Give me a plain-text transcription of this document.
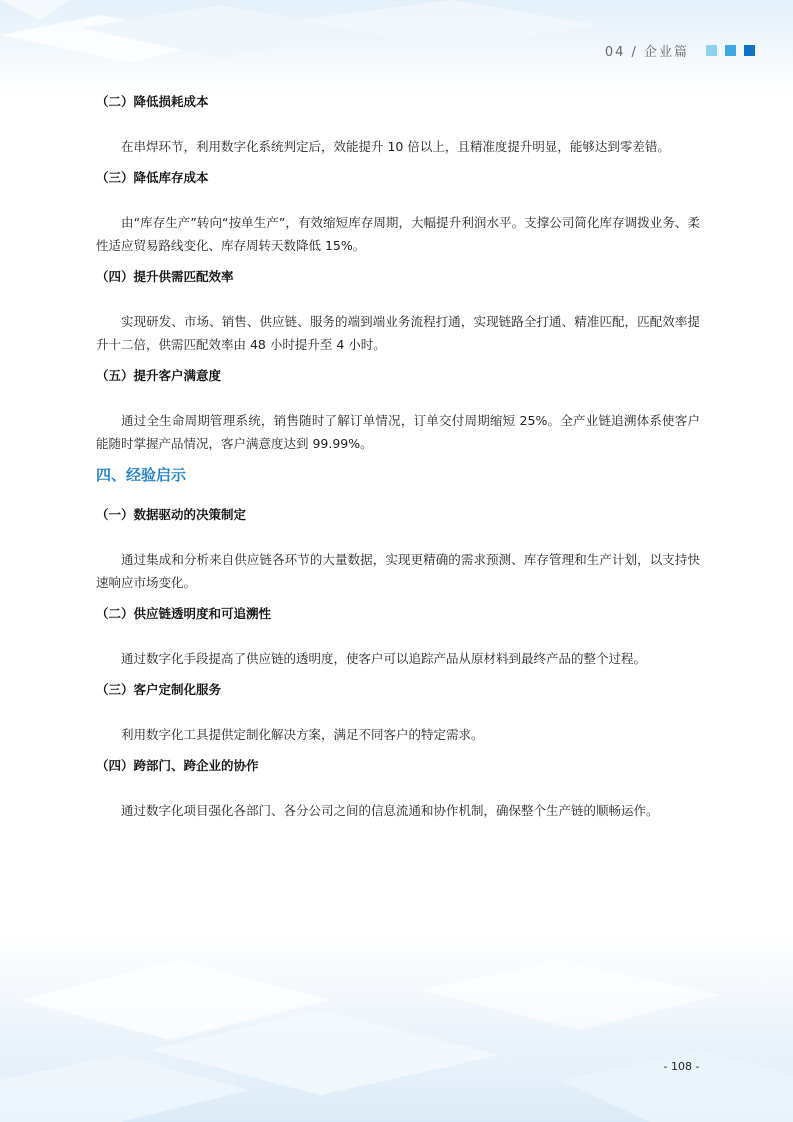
04 / 企业篇
（二）降低损耗成本

在串焊环节，利用数字化系统判定后，效能提升 10 倍以上，且精准度提升明显，能够达到零差错。

（三）降低库存成本

由“库存生产”转向“按单生产”，有效缩短库存周期，大幅提升利润水平。支撑公司简化库存调拨业务、柔性适应贸易路线变化、库存周转天数降低 15%。

（四）提升供需匹配效率

实现研发、市场、销售、供应链、服务的端到端业务流程打通，实现链路全打通、精准匹配，匹配效率提升十二倍，供需匹配效率由 48 小时提升至 4 小时。

（五）提升客户满意度

通过全生命周期管理系统，销售随时了解订单情况，订单交付周期缩短 25%。全产业链追溯体系使客户能随时掌握产品情况，客户满意度达到 99.99%。

四、经验启示
（一）数据驱动的决策制定

通过集成和分析来自供应链各环节的大量数据，实现更精确的需求预测、库存管理和生产计划，以支持快速响应市场变化。

（二）供应链透明度和可追溯性

通过数字化手段提高了供应链的透明度，使客户可以追踪产品从原材料到最终产品的整个过程。

（三）客户定制化服务

利用数字化工具提供定制化解决方案，满足不同客户的特定需求。

（四）跨部门、跨企业的协作

通过数字化项目强化各部门、各分公司之间的信息流通和协作机制，确保整个生产链的顺畅运作。

- 108 -
